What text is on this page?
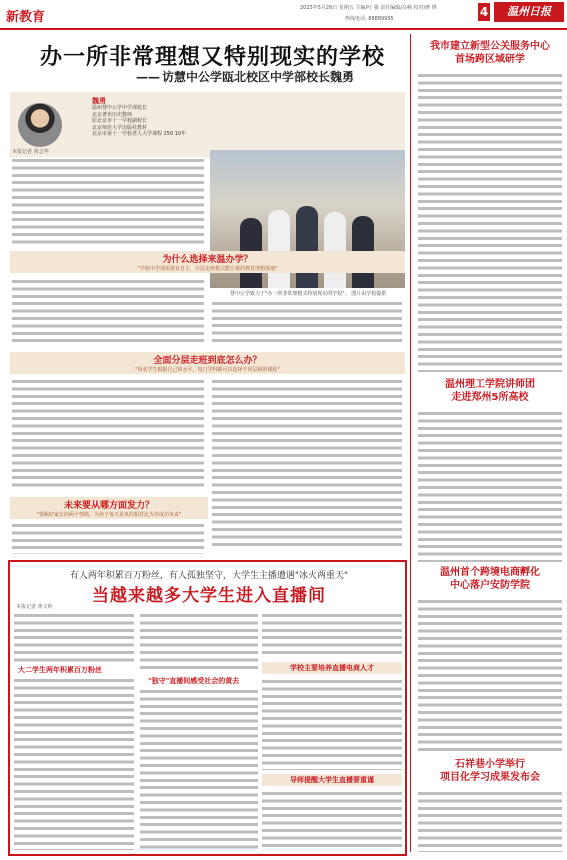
新教育
2023年5月26日 星期五 主编/叶 强 责任编辑/高畅 校对/廖 桦
热线电话: 88889995	4	温州日报
办一所非常理想又特别现实的学校
—— 访慧中公学瓯北校区中学部校长魏勇
魏勇
温州慧中公学中学部校长
北京著名历史教师
原北京市十一学校副校长
北京师范大学出版社教材
北京市第十一学校老人大学课程 250 10年
本报记者 黄志华
慧中公学致力于"办一所非常理想又特别现实的学校"。 图片由学校提供
为什么选择来温办学？
"学校中学部需要有自主，分层走班模式能让我的教育理想落地"
全面分层走班到底怎么办？
"每名学生根据自己的水平，每门学科都可以选择不同层级的课程"
未来要从哪方面发力？
"要踢好家长的两个情绪，为孩子每天是真的相对比为非成功负责"
有人两年积累百万粉丝，有人孤独坚守，大学生主播遭遇"冰火两重天"
当越来越多大学生进入直播间
本报记者 黄文婷
大二学生两年积累百万粉丝
"独守"直播间感受社会的黄去
学校主要培养直播电商人才
导师提醒大学生直播要重谨
我市建立新型公关服务中心
首场跨区域研学
温州理工学院讲师团
走进郑州5所高校
温州首个跨境电商孵化
中心落户安防学院
石祥巷小学举行
项目化学习成果发布会
